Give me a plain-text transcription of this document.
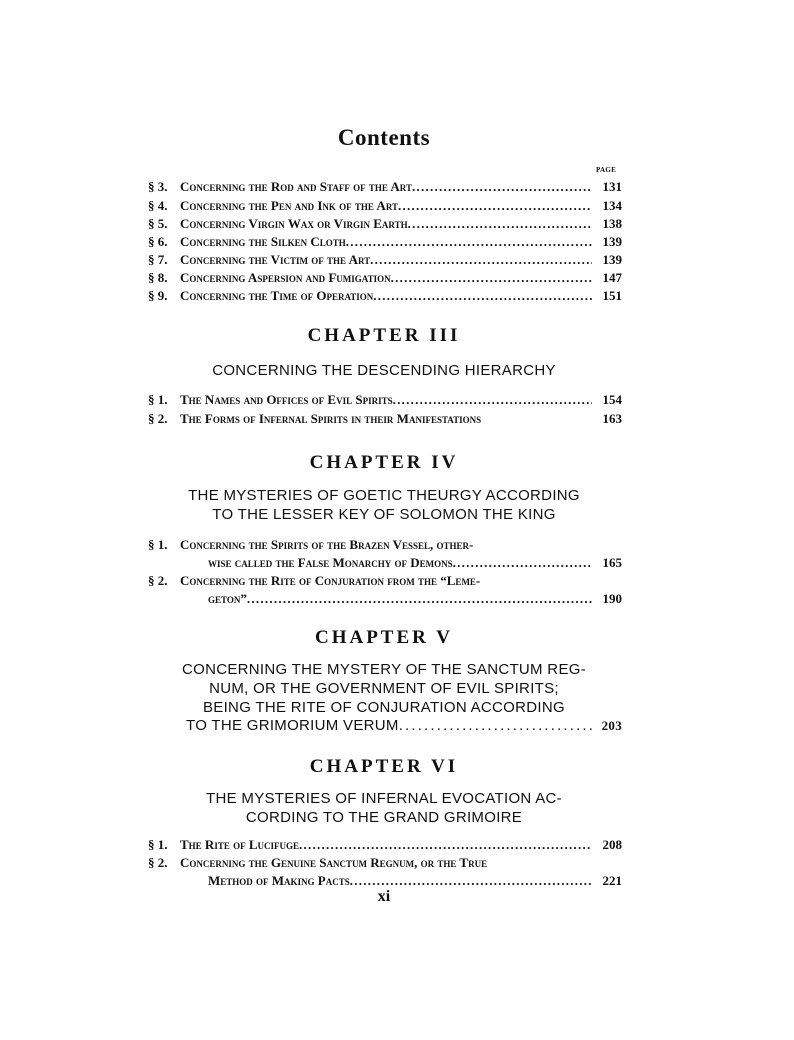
Contents
PAGE
§ 3. Concerning the Rod and Staff of the Art . . .	131
§ 4. Concerning the Pen and Ink of the Art . . .	134
§ 5. Concerning Virgin Wax or Virgin Earth . . .	138
§ 6. Concerning the Silken Cloth . . .	139
§ 7. Concerning the Victim of the Art . . .	139
§ 8. Concerning Aspersion and Fumigation . . .	147
§ 9. Concerning the Time of Operation . . .	151
CHAPTER III
CONCERNING THE DESCENDING HIERARCHY
§ 1. The Names and Offices of Evil Spirits . . .	154
§ 2. The Forms of Infernal Spirits in their Manifestations	163
CHAPTER IV
THE MYSTERIES OF GOETIC THEURGY ACCORDING
TO THE LESSER KEY OF SOLOMON THE KING
§ 1. Concerning the Spirits of the Brazen Vessel, other-
wise called the False Monarchy of Demons . . .	165
§ 2. Concerning the Rite of Conjuration from the “Leme-
geton” . . .	190
CHAPTER V
CONCERNING THE MYSTERY OF THE SANCTUM REG-
NUM, OR THE GOVERNMENT OF EVIL SPIRITS;
BEING THE RITE OF CONJURATION ACCORDING
TO THE GRIMORIUM VERUM . . .	203
CHAPTER VI
THE MYSTERIES OF INFERNAL EVOCATION AC-
CORDING TO THE GRAND GRIMOIRE
§ 1. The Rite of Lucifuge . . .	208
§ 2. Concerning the Genuine Sanctum Regnum, or the True
Method of Making Pacts . . .	221
xi
